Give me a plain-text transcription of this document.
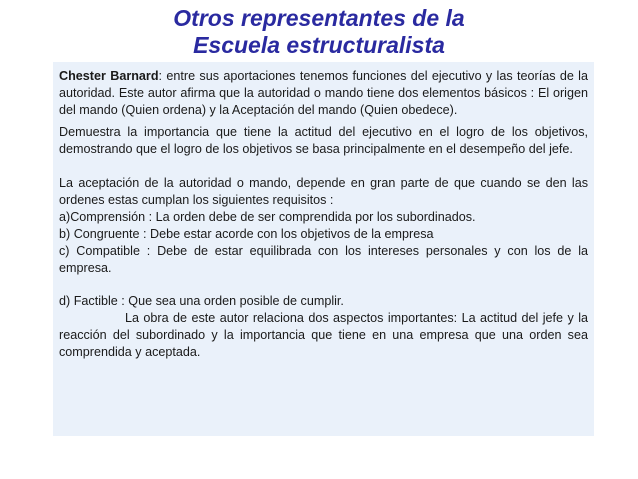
Otros representantes de la
Escuela estructuralista

Chester Barnard: entre sus aportaciones tenemos funciones del ejecutivo y las teorías de la autoridad. Este autor afirma que la autoridad o mando tiene dos elementos básicos : El origen del mando (Quien ordena) y la Aceptación del mando (Quien obedece).

Demuestra la importancia que tiene la actitud del ejecutivo en el logro de los objetivos, demostrando que el logro de los objetivos se basa principalmente en el desempeño del jefe.

La aceptación de la autoridad o mando, depende en gran parte de que cuando se den las ordenes estas cumplan los siguientes requisitos :

a)Comprensión : La orden debe de ser comprendida por los subordinados.

b) Congruente : Debe estar acorde con los objetivos de la empresa

c) Compatible : Debe de estar equilibrada con los intereses personales y con los de la empresa.

d) Factible : Que sea una orden posible de cumplir.

La obra de este autor relaciona dos aspectos importantes: La actitud del jefe y la reacción del subordinado y la importancia que tiene en una empresa que una orden sea comprendida y aceptada.
